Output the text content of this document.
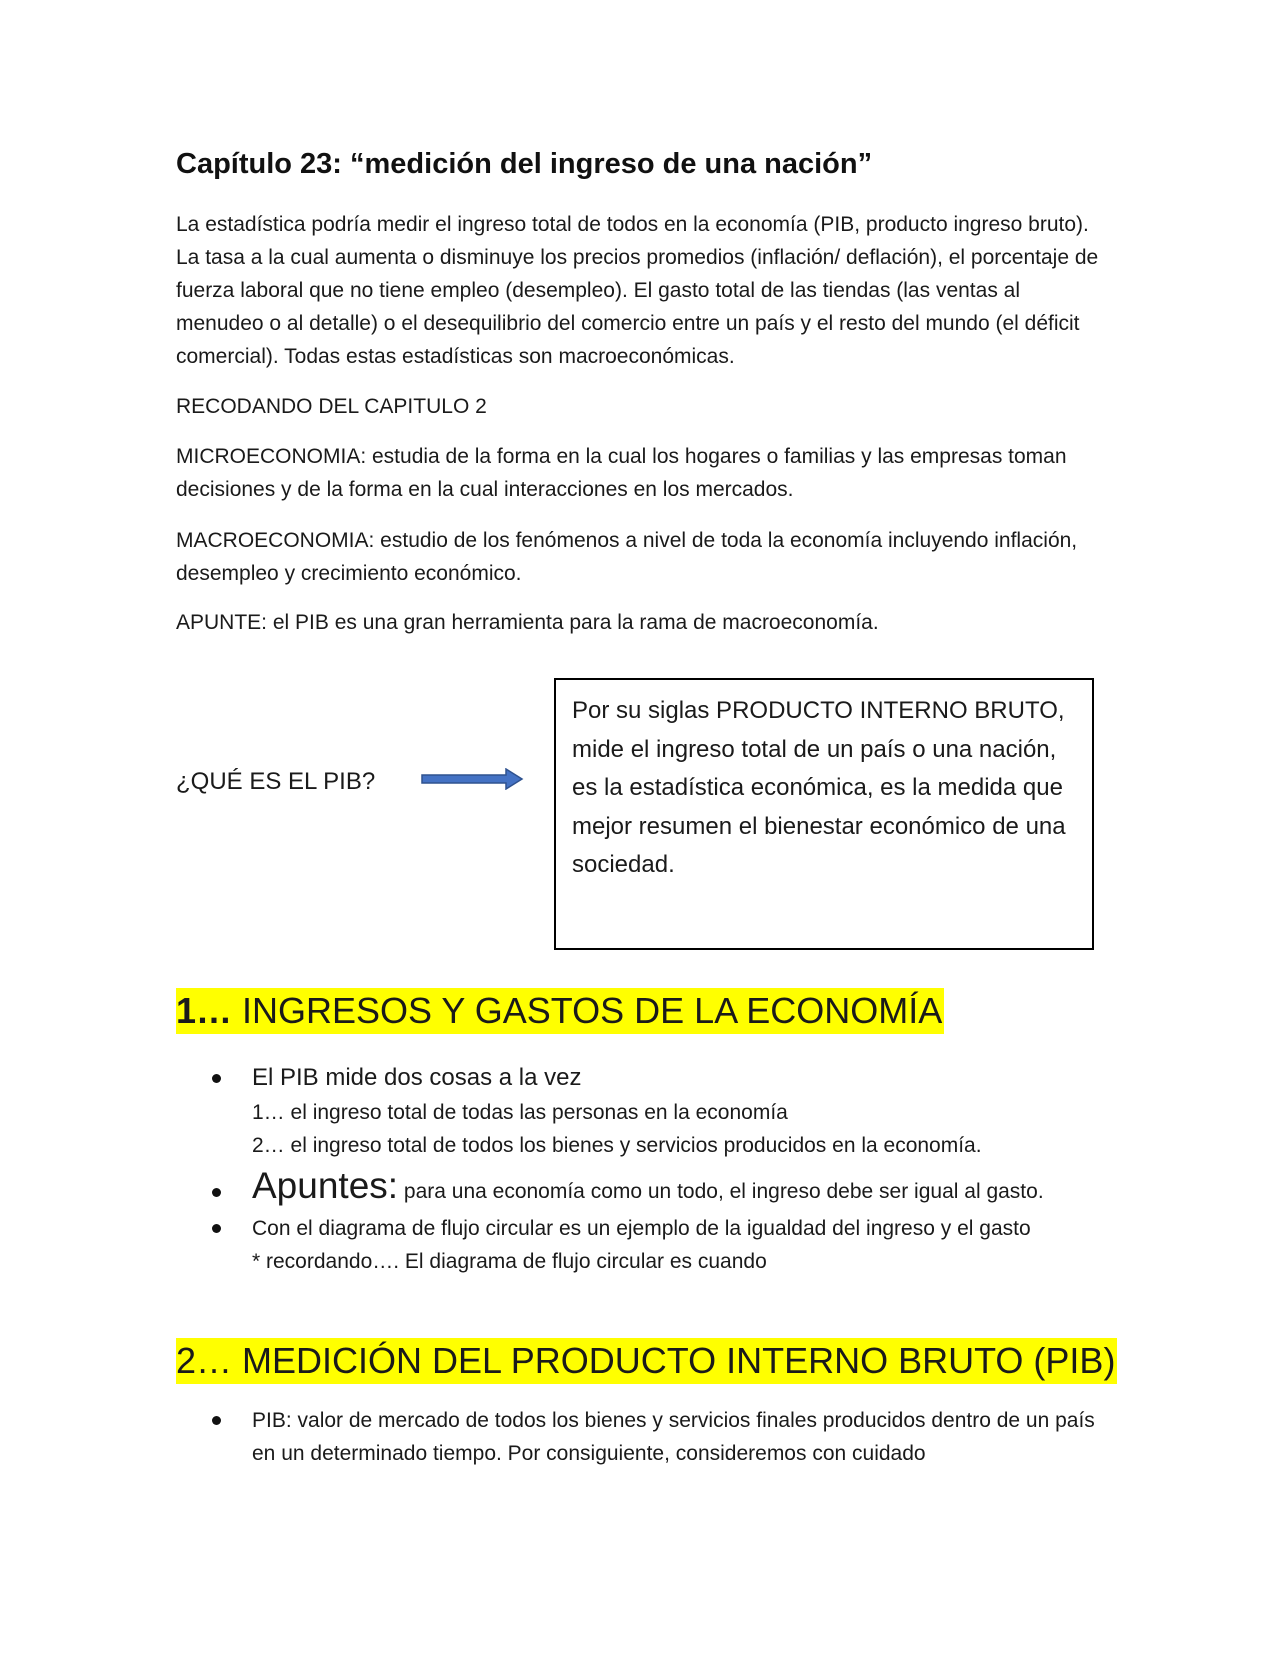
Capítulo 23: “medición del ingreso de una nación”

La estadística podría medir el ingreso total de todos en la economía (PIB, producto ingreso bruto). La tasa a la cual aumenta o disminuye los precios promedios (inflación/ deflación), el porcentaje de fuerza laboral que no tiene empleo (desempleo). El gasto total de las tiendas (las ventas al menudeo o al detalle) o el desequilibrio del comercio entre un país y el resto del mundo (el déficit comercial). Todas estas estadísticas son macroeconómicas.

RECODANDO DEL CAPITULO 2

MICROECONOMIA: estudia de la forma en la cual los hogares o familias y las empresas toman decisiones y de la forma en la cual interacciones en los mercados.

MACROECONOMIA: estudio de los fenómenos a nivel de toda la economía incluyendo inflación, desempleo y crecimiento económico.

APUNTE: el PIB es una gran herramienta para la rama de macroeconomía.

¿QUÉ ES EL PIB?

Por su siglas PRODUCTO INTERNO BRUTO, mide el ingreso total de un país o una nación, es la estadística económica, es la medida que mejor resumen el bienestar económico de una sociedad.
1… INGRESOS Y GASTOS DE LA ECONOMÍA
El PIB mide dos cosas a la vez
1… el ingreso total de todas las personas en la economía
2… el ingreso total de todos los bienes y servicios producidos en la economía.
Apuntes: para una economía como un todo, el ingreso debe ser igual al gasto.
Con el diagrama de flujo circular es un ejemplo de la igualdad del ingreso y el gasto
* recordando…. El diagrama de flujo circular es cuando
2… MEDICIÓN DEL PRODUCTO INTERNO BRUTO (PIB)
PIB: valor de mercado de todos los bienes y servicios finales producidos dentro de un país en un determinado tiempo. Por consiguiente, consideremos con cuidado
